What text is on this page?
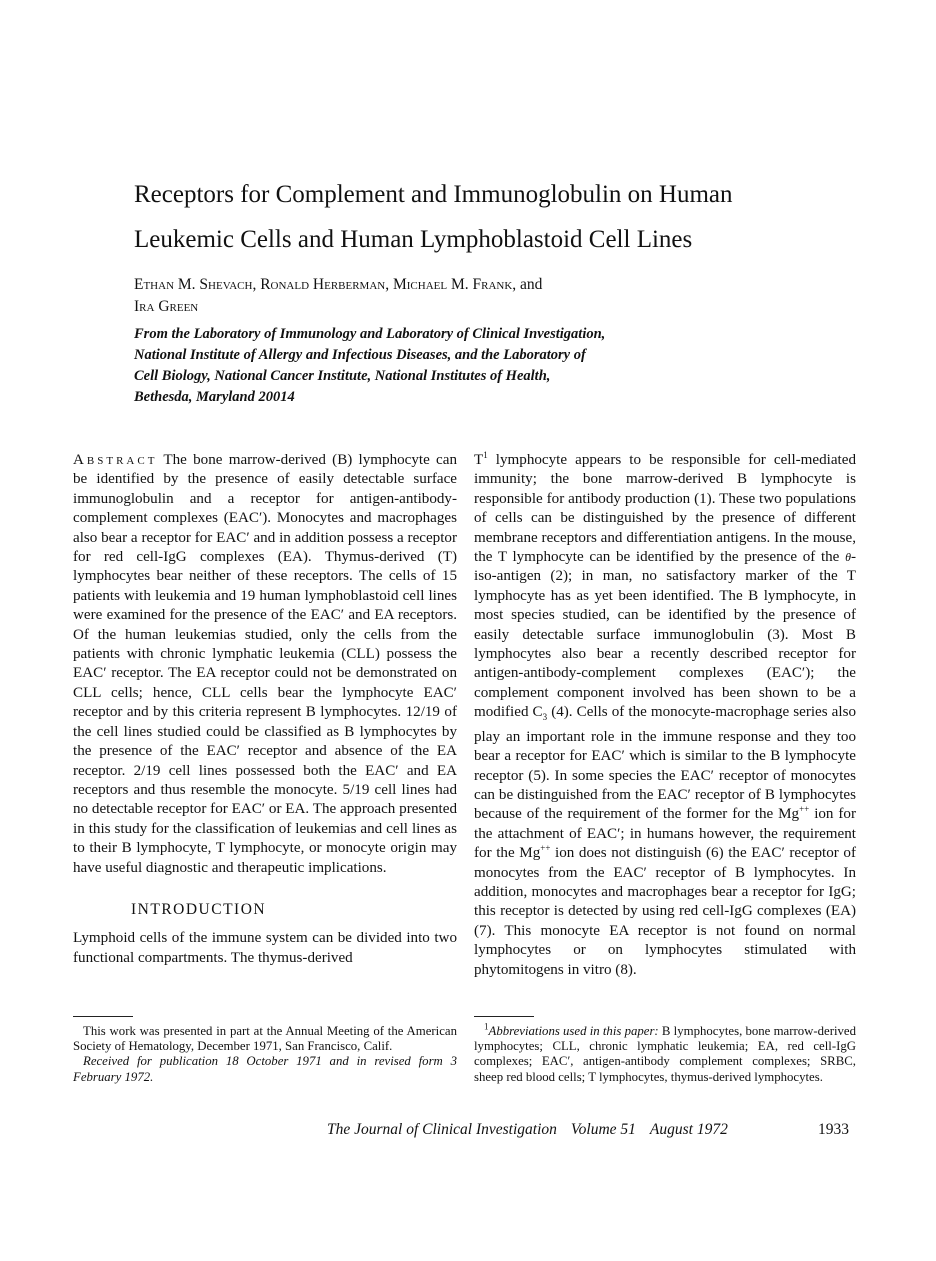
Receptors for Complement and Immunoglobulin on Human
Leukemic Cells and Human Lymphoblastoid Cell Lines
Ethan M. Shevach, Ronald Herberman, Michael M. Frank, and
Ira Green
From the Laboratory of Immunology and Laboratory of Clinical Investigation,
National Institute of Allergy and Infectious Diseases, and the Laboratory of
Cell Biology, National Cancer Institute, National Institutes of Health,
Bethesda, Maryland 20014

Abstract The bone marrow-derived (B) lymphocyte can be identified by the presence of easily detectable surface immunoglobulin and a receptor for antigen-antibody-complement complexes (EAC′). Monocytes and macrophages also bear a receptor for EAC′ and in addition possess a receptor for red cell-IgG complexes (EA). Thymus-derived (T) lymphocytes bear neither of these receptors. The cells of 15 patients with leukemia and 19 human lymphoblastoid cell lines were examined for the presence of the EAC′ and EA receptors. Of the human leukemias studied, only the cells from the patients with chronic lymphatic leukemia (CLL) possess the EAC′ receptor. The EA receptor could not be demonstrated on CLL cells; hence, CLL cells bear the lymphocyte EAC′ receptor and by this criteria represent B lymphocytes. 12/19 of the cell lines studied could be classified as B lymphocytes by the presence of the EAC′ receptor and absence of the EA receptor. 2/19 cell lines possessed both the EAC′ and EA receptors and thus resemble the monocyte. 5/19 cell lines had no detectable receptor for EAC′ or EA. The approach presented in this study for the classification of leukemias and cell lines as to their B lymphocyte, T lymphocyte, or monocyte origin may have useful diagnostic and therapeutic implications.

INTRODUCTION

Lymphoid cells of the immune system can be divided into two functional compartments. The thymus-derived

$T^1$ lymphocyte appears to be responsible for cell-mediated immunity; the bone marrow-derived B lymphocyte is responsible for antibody production (1). These two populations of cells can be distinguished by the presence of different membrane receptors and differentiation antigens. In the mouse, the T lymphocyte can be identified by the presence of the θ-iso-antigen (2); in man, no satisfactory marker of the T lymphocyte has as yet been identified. The B lymphocyte, in most species studied, can be identified by the presence of easily detectable surface immunoglobulin (3). Most B lymphocytes also bear a recently described receptor for antigen-antibody-complement complexes (EAC′); the complement component involved has been shown to be a modified $C_3$ (4). Cells of the monocyte-macrophage series also play an important role in the immune response and they too bear a receptor for EAC′ which is similar to the B lymphocyte receptor (5). In some species the EAC′ receptor of monocytes can be distinguished from the EAC′ receptor of B lymphocytes because of the requirement of the former for the Mg++ ion for the attachment of EAC′; in humans however, the requirement for the Mg++ ion does not distinguish (6) the EAC′ receptor of monocytes from the EAC′ receptor of B lymphocytes. In addition, monocytes and macrophages bear a receptor for IgG; this receptor is detected by using red cell-IgG complexes (EA) (7). This monocyte EA receptor is not found on normal lymphocytes or on lymphocytes stimulated with phytomitogens in vitro (8).

This work was presented in part at the Annual Meeting of the American Society of Hematology, December 1971, San Francisco, Calif.

Received for publication 18 October 1971 and in revised form 3 February 1972.

$^1$Abbreviations used in this paper: B lymphocytes, bone marrow-derived lymphocytes; CLL, chronic lymphatic leukemia; EA, red cell-IgG complexes; EAC′, antigen-antibody complement complexes; SRBC, sheep red blood cells; T lymphocytes, thymus-derived lymphocytes.

The Journal of Clinical Investigation Volume 51 August 1972	1933
